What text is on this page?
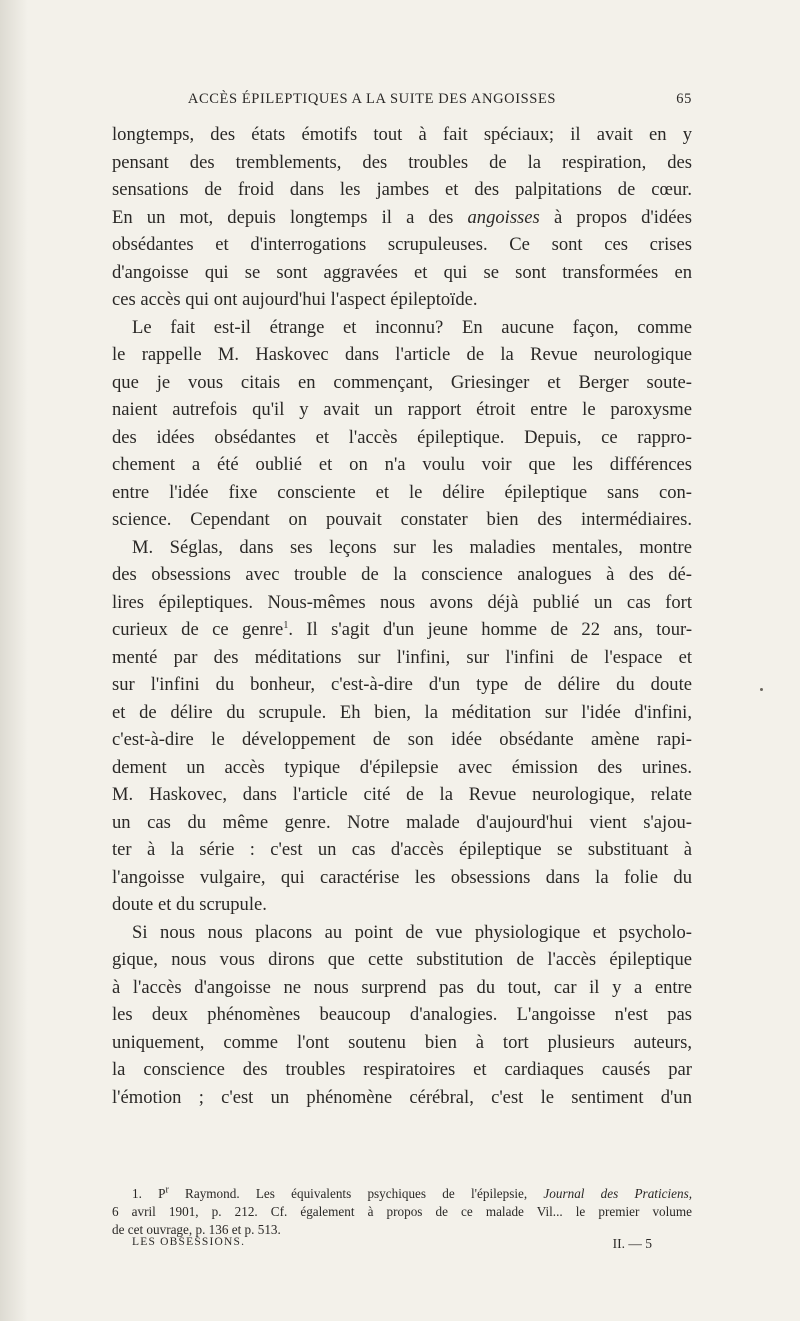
ACCÈS ÉPILEPTIQUES A LA SUITE DES ANGOISSES	65
longtemps, des états émotifs tout à fait spéciaux; il avait en y
pensant des tremblements, des troubles de la respiration, des
sensations de froid dans les jambes et des palpitations de cœur.
En un mot, depuis longtemps il a des angoisses à propos d'idées
obsédantes et d'interrogations scrupuleuses. Ce sont ces crises
d'angoisse qui se sont aggravées et qui se sont transformées en
ces accès qui ont aujourd'hui l'aspect épileptoïde.
Le fait est-il étrange et inconnu? En aucune façon, comme
le rappelle M. Haskovec dans l'article de la Revue neurologique
que je vous citais en commençant, Griesinger et Berger soute-
naient autrefois qu'il y avait un rapport étroit entre le paroxysme
des idées obsédantes et l'accès épileptique. Depuis, ce rappro-
chement a été oublié et on n'a voulu voir que les différences
entre l'idée fixe consciente et le délire épileptique sans con-
science. Cependant on pouvait constater bien des intermédiaires.
M. Séglas, dans ses leçons sur les maladies mentales, montre
des obsessions avec trouble de la conscience analogues à des dé-
lires épileptiques. Nous-mêmes nous avons déjà publié un cas fort
curieux de ce genre$^1$. Il s'agit d'un jeune homme de 22 ans, tour-
menté par des méditations sur l'infini, sur l'infini de l'espace et
sur l'infini du bonheur, c'est-à-dire d'un type de délire du doute
et de délire du scrupule. Eh bien, la méditation sur l'idée d'infini,
c'est-à-dire le développement de son idée obsédante amène rapi-
dement un accès typique d'épilepsie avec émission des urines.
M. Haskovec, dans l'article cité de la Revue neurologique, relate
un cas du même genre. Notre malade d'aujourd'hui vient s'ajou-
ter à la série : c'est un cas d'accès épileptique se substituant à
l'angoisse vulgaire, qui caractérise les obsessions dans la folie du
doute et du scrupule.
Si nous nous placons au point de vue physiologique et psycholo-
gique, nous vous dirons que cette substitution de l'accès épileptique
à l'accès d'angoisse ne nous surprend pas du tout, car il y a entre
les deux phénomènes beaucoup d'analogies. L'angoisse n'est pas
uniquement, comme l'ont soutenu bien à tort plusieurs auteurs,
la conscience des troubles respiratoires et cardiaques causés par
l'émotion ; c'est un phénomène cérébral, c'est le sentiment d'un
1. $P^r$ Raymond. Les équivalents psychiques de l'épilepsie, Journal des Praticiens,
6 avril 1901, p. 212. Cf. également à propos de ce malade Vil... le premier volume
de cet ouvrage, p. 136 et p. 513.
LES OBSESSIONS.	II. — 5
